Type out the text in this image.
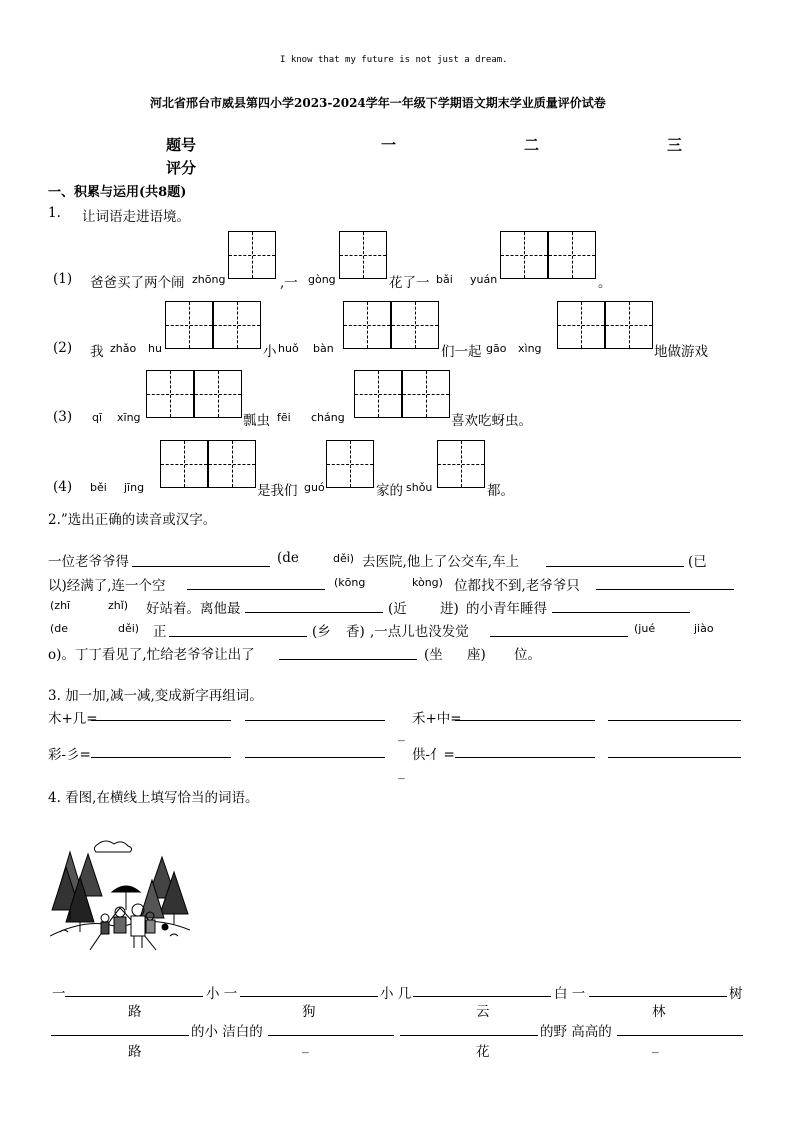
I know that my future is not just a dream.
河北省邢台市威县第四小学2023-2024学年一年级下学期语文期末学业质量评价试卷
题号	一	二	三
评分
一、积累与运用(共8题)
1. 让词语走进语境。
(1) 爸爸买了两个闹 zhōng	,一 gòng	花了一 bǎi yuán	。
(2) 我 zhǎo hu	小 huǒ bàn	们一起 gāo xìng	地做游戏
(3) qī xīng	瓢虫 fēi cháng	喜欢吃蚜虫。
(4) běi jīng	是我们 guó	家的 shǒu	都。
2.”选出正确的读音或汉字。
一位老爷爷得	(de	děi) 去医院,他上了公交车,车上	(已
以)经满了,连一个空	(kōng	kòng) 位都找不到,老爷爷只
(zhī	zhǐ) 好站着。离他最	(近 进) 的小青年睡得
(de	děi) 正	(乡 香) ,一点儿也没发觉	(jué	jiào
o)。丁丁看见了,忙给老爷爷让出了	(坐 座) 位。
3. 加一加,减一减,变成新字再组词。
木+几=	禾+中=
_
彩-彡=	供-亻=
_
4. 看图,在横线上填写恰当的词语。
一	小 一	小 几	白 一	树
路	狗	云	林
的小 洁白的	的野 高高的
路	_	花	_
